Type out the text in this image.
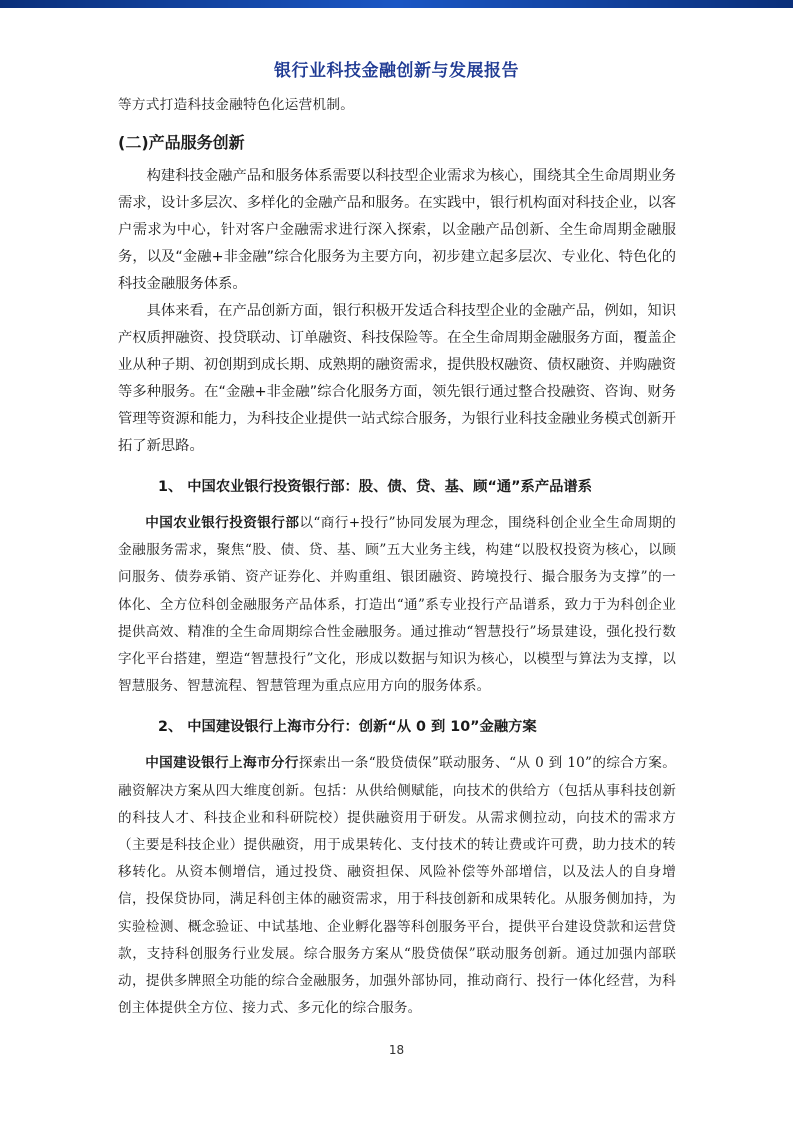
银行业科技金融创新与发展报告

等方式打造科技金融特色化运营机制。

(二)产品服务创新

构建科技金融产品和服务体系需要以科技型企业需求为核心，围绕其全生命周期业务需求，设计多层次、多样化的金融产品和服务。在实践中，银行机构面对科技企业，以客户需求为中心，针对客户金融需求进行深入探索，以金融产品创新、全生命周期金融服务，以及“金融+非金融”综合化服务为主要方向，初步建立起多层次、专业化、特色化的科技金融服务体系。

具体来看，在产品创新方面，银行积极开发适合科技型企业的金融产品，例如，知识产权质押融资、投贷联动、订单融资、科技保险等。在全生命周期金融服务方面，覆盖企业从种子期、初创期到成长期、成熟期的融资需求，提供股权融资、债权融资、并购融资等多种服务。在“金融+非金融”综合化服务方面，领先银行通过整合投融资、咨询、财务管理等资源和能力，为科技企业提供一站式综合服务，为银行业科技金融业务模式创新开拓了新思路。

1、 中国农业银行投资银行部：股、债、贷、基、顾“通”系产品谱系

中国农业银行投资银行部以“商行+投行”协同发展为理念，围绕科创企业全生命周期的金融服务需求，聚焦“股、债、贷、基、顾”五大业务主线，构建“以股权投资为核心，以顾问服务、债券承销、资产证券化、并购重组、银团融资、跨境投行、撮合服务为支撑”的一体化、全方位科创金融服务产品体系，打造出“通”系专业投行产品谱系，致力于为科创企业提供高效、精准的全生命周期综合性金融服务。通过推动“智慧投行”场景建设，强化投行数字化平台搭建，塑造“智慧投行”文化，形成以数据与知识为核心，以模型与算法为支撑，以智慧服务、智慧流程、智慧管理为重点应用方向的服务体系。

2、 中国建设银行上海市分行：创新“从 0 到 10”金融方案

中国建设银行上海市分行探索出一条“股贷债保”联动服务、“从 0 到 10”的综合方案。融资解决方案从四大维度创新。包括：从供给侧赋能，向技术的供给方（包括从事科技创新的科技人才、科技企业和科研院校）提供融资用于研发。从需求侧拉动，向技术的需求方（主要是科技企业）提供融资，用于成果转化、支付技术的转让费或许可费，助力技术的转移转化。从资本侧增信，通过投贷、融资担保、风险补偿等外部增信，以及法人的自身增信，投保贷协同，满足科创主体的融资需求，用于科技创新和成果转化。从服务侧加持，为实验检测、概念验证、中试基地、企业孵化器等科创服务平台，提供平台建设贷款和运营贷款，支持科创服务行业发展。综合服务方案从“股贷债保”联动服务创新。通过加强内部联动，提供多牌照全功能的综合金融服务，加强外部协同，推动商行、投行一体化经营，为科创主体提供全方位、接力式、多元化的综合服务。

18
